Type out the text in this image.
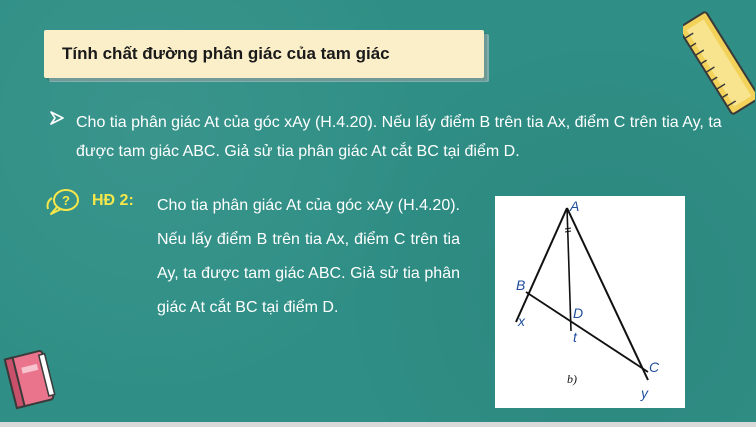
Tính chất đường phân giác của tam giác
Cho tia phân giác At của góc xAy (H.4.20). Nếu lấy điểm B trên tia Ax, điểm C trên tia Ay, ta được tam giác ABC. Giả sử tia phân giác At cắt BC tại điểm D.
? HĐ 2: Cho tia phân giác At của góc xAy (H.4.20). Nếu lấy điểm B trên tia Ax, điểm C trên tia Ay, ta được tam giác ABC. Giả sử tia phân giác At cắt BC tại điểm D.
A
B
C
D
x
y
t
b)
